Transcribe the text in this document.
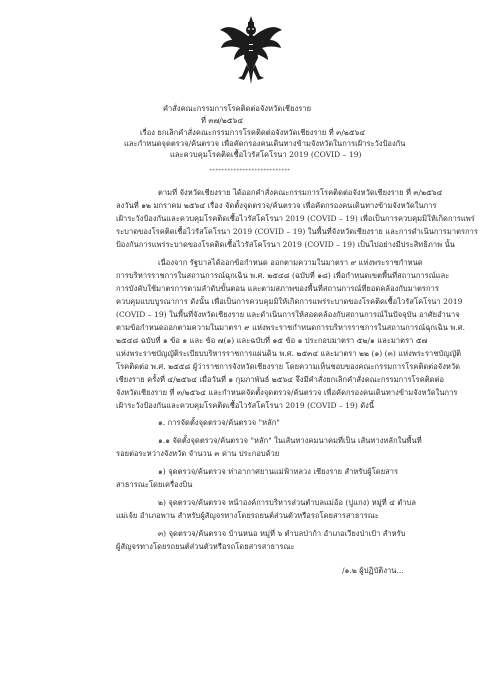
คำสั่งคณะกรรมการโรคติดต่อจังหวัดเชียงราย
ที่ ๓๗/๒๕๖๔
เรื่อง ยกเลิกคำสั่งคณะกรรมการโรคติดต่อจังหวัดเชียงราย ที่ ๓/๒๕๖๔
และกำหนดจุดตรวจ/ค้นตรวจ เพื่อคัดกรองคนเดินทางข้ามจังหวัดในการเฝ้าระวังป้องกัน
และควบคุมโรคติดเชื้อไวรัสโคโรนา 2019 (COVID – 19)
***************************
ตามที่ จังหวัดเชียงราย ได้ออกคำสั่งคณะกรรมการโรคติดต่อจังหวัดเชียงราย ที่ ๓/๒๕๖๔
ลงวันที่ ๑๒ มกราคม ๒๕๖๔ เรื่อง จัดตั้งจุดตรวจ/ค้นตรวจ เพื่อคัดกรองคนเดินทางข้ามจังหวัดในการ
เฝ้าระวังป้องกันและควบคุมโรคติดเชื้อไวรัสโคโรนา 2019 (COVID – 19) เพื่อเป็นการควบคุมมิให้เกิดการแพร่
ระบาดของโรคติดเชื้อไวรัสโคโรนา 2019 (COVID – 19) ในพื้นที่จังหวัดเชียงราย และการดำเนินการมาตรการ
ป้องกันการแพร่ระบาดของโรคติดเชื้อไวรัสโคโรนา 2019 (COVID – 19) เป็นไปอย่างมีประสิทธิภาพ นั้น
เนื่องจาก รัฐบาลได้ออกข้อกำหนด ออกตามความในมาตรา ๙ แห่งพระราชกำหนด
การบริหารราชการในสถานการณ์ฉุกเฉิน พ.ศ. ๒๕๔๘ (ฉบับที่ ๑๘) เพื่อกำหนดเขตพื้นที่สถานการณ์และ
การบังคับใช้มาตรการตามลำดับขั้นตอน และตามสภาพของพื้นที่สถานการณ์ที่ยอดคล้องกับมาตรการ
ควบคุมแบบบูรณาการ ดังนั้น เพื่อเป็นการควบคุมมิให้เกิดการแพร่ระบาดของโรคติดเชื้อไวรัสโคโรนา 2019
(COVID – 19) ในพื้นที่จังหวัดเชียงราย และดำเนินการให้สอดคล้องกับสถานการณ์ในปัจจุบัน อาศัยอำนาจ
ตามข้อกำหนดออกตามความในมาตรา ๙ แห่งพระราชกำหนดการบริหารราชการในสถานการณ์ฉุกเฉิน พ.ศ.
๒๕๔๘ ฉบับที่ ๑ ข้อ ๑ และ ข้อ ๗(๑) และฉบับที่ ๑๕ ข้อ ๑ ประกอบมาตรา ๕๒/๑ และมาตรา ๕๗
แห่งพระราชบัญญัติระเบียบบริหารราชการแผ่นดิน พ.ศ. ๒๕๓๔ และมาตรา ๒๒ (๑) (๓) แห่งพระราชบัญญัติ
โรคติดต่อ พ.ศ. ๒๕๕๘ ผู้ว่าราชการจังหวัดเชียงราย โดยความเห็นชอบของคณะกรรมการโรคติดต่อจังหวัด
เชียงราย ครั้งที่ ๔/๒๕๖๔ เมื่อวันที่ ๑ กุมภาพันธ์ ๒๕๖๔ จึงมีคำสั่งยกเลิกคำสั่งคณะกรรมการโรคติดต่อ
จังหวัดเชียงราย ที่ ๓/๒๕๖๔ และกำหนดจัดตั้งจุดตรวจ/ค้นตรวจ เพื่อคัดกรองคนเดินทางข้ามจังหวัดในการ
เฝ้าระวังป้องกันและควบคุมโรคติดเชื้อไวรัสโคโรนา 2019 (COVID – 19) ดังนี้
๑. การจัดตั้งจุดตรวจ/ค้นตรวจ "หลัก"
๑.๑ จัดตั้งจุดตรวจ/ค้นตรวจ "หลัก" ในเส้นทางคมนาคมที่เป็น เส้นทางหลักในพื้นที่
รอยต่อระหว่างจังหวัด จำนวน ๓ ด่าน ประกอบด้วย
๑) จุดตรวจ/ค้นตรวจ ท่าอากาศยานแม่ฟ้าหลวง เชียงราย สำหรับผู้โดยสาร
สาธารณะโดยเครื่องบิน
๒) จุดตรวจ/ค้นตรวจ หน้าองค์การบริหารส่วนตำบลแม่อ้อ (ปูแกง) หมู่ที่ ๔ ตำบล
แม่เจ้ย อำเภอพาน สำหรับผู้สัญจรทางโดยรถยนต์ส่วนตัวหรือรถโดยสารสาธารณะ
๓) จุดตรวจ/ค้นตรวจ บ้านหนอ หมู่ที่ ๖ ตำบลป่าก้า อำเภอเวียงป่าเป้า สำหรับ
ผู้สัญจรทางโดยรถยนต์ส่วนตัวหรือรถโดยสารสาธารณะ
/๑.๒ ผู้ปฏิบัติงาน...
